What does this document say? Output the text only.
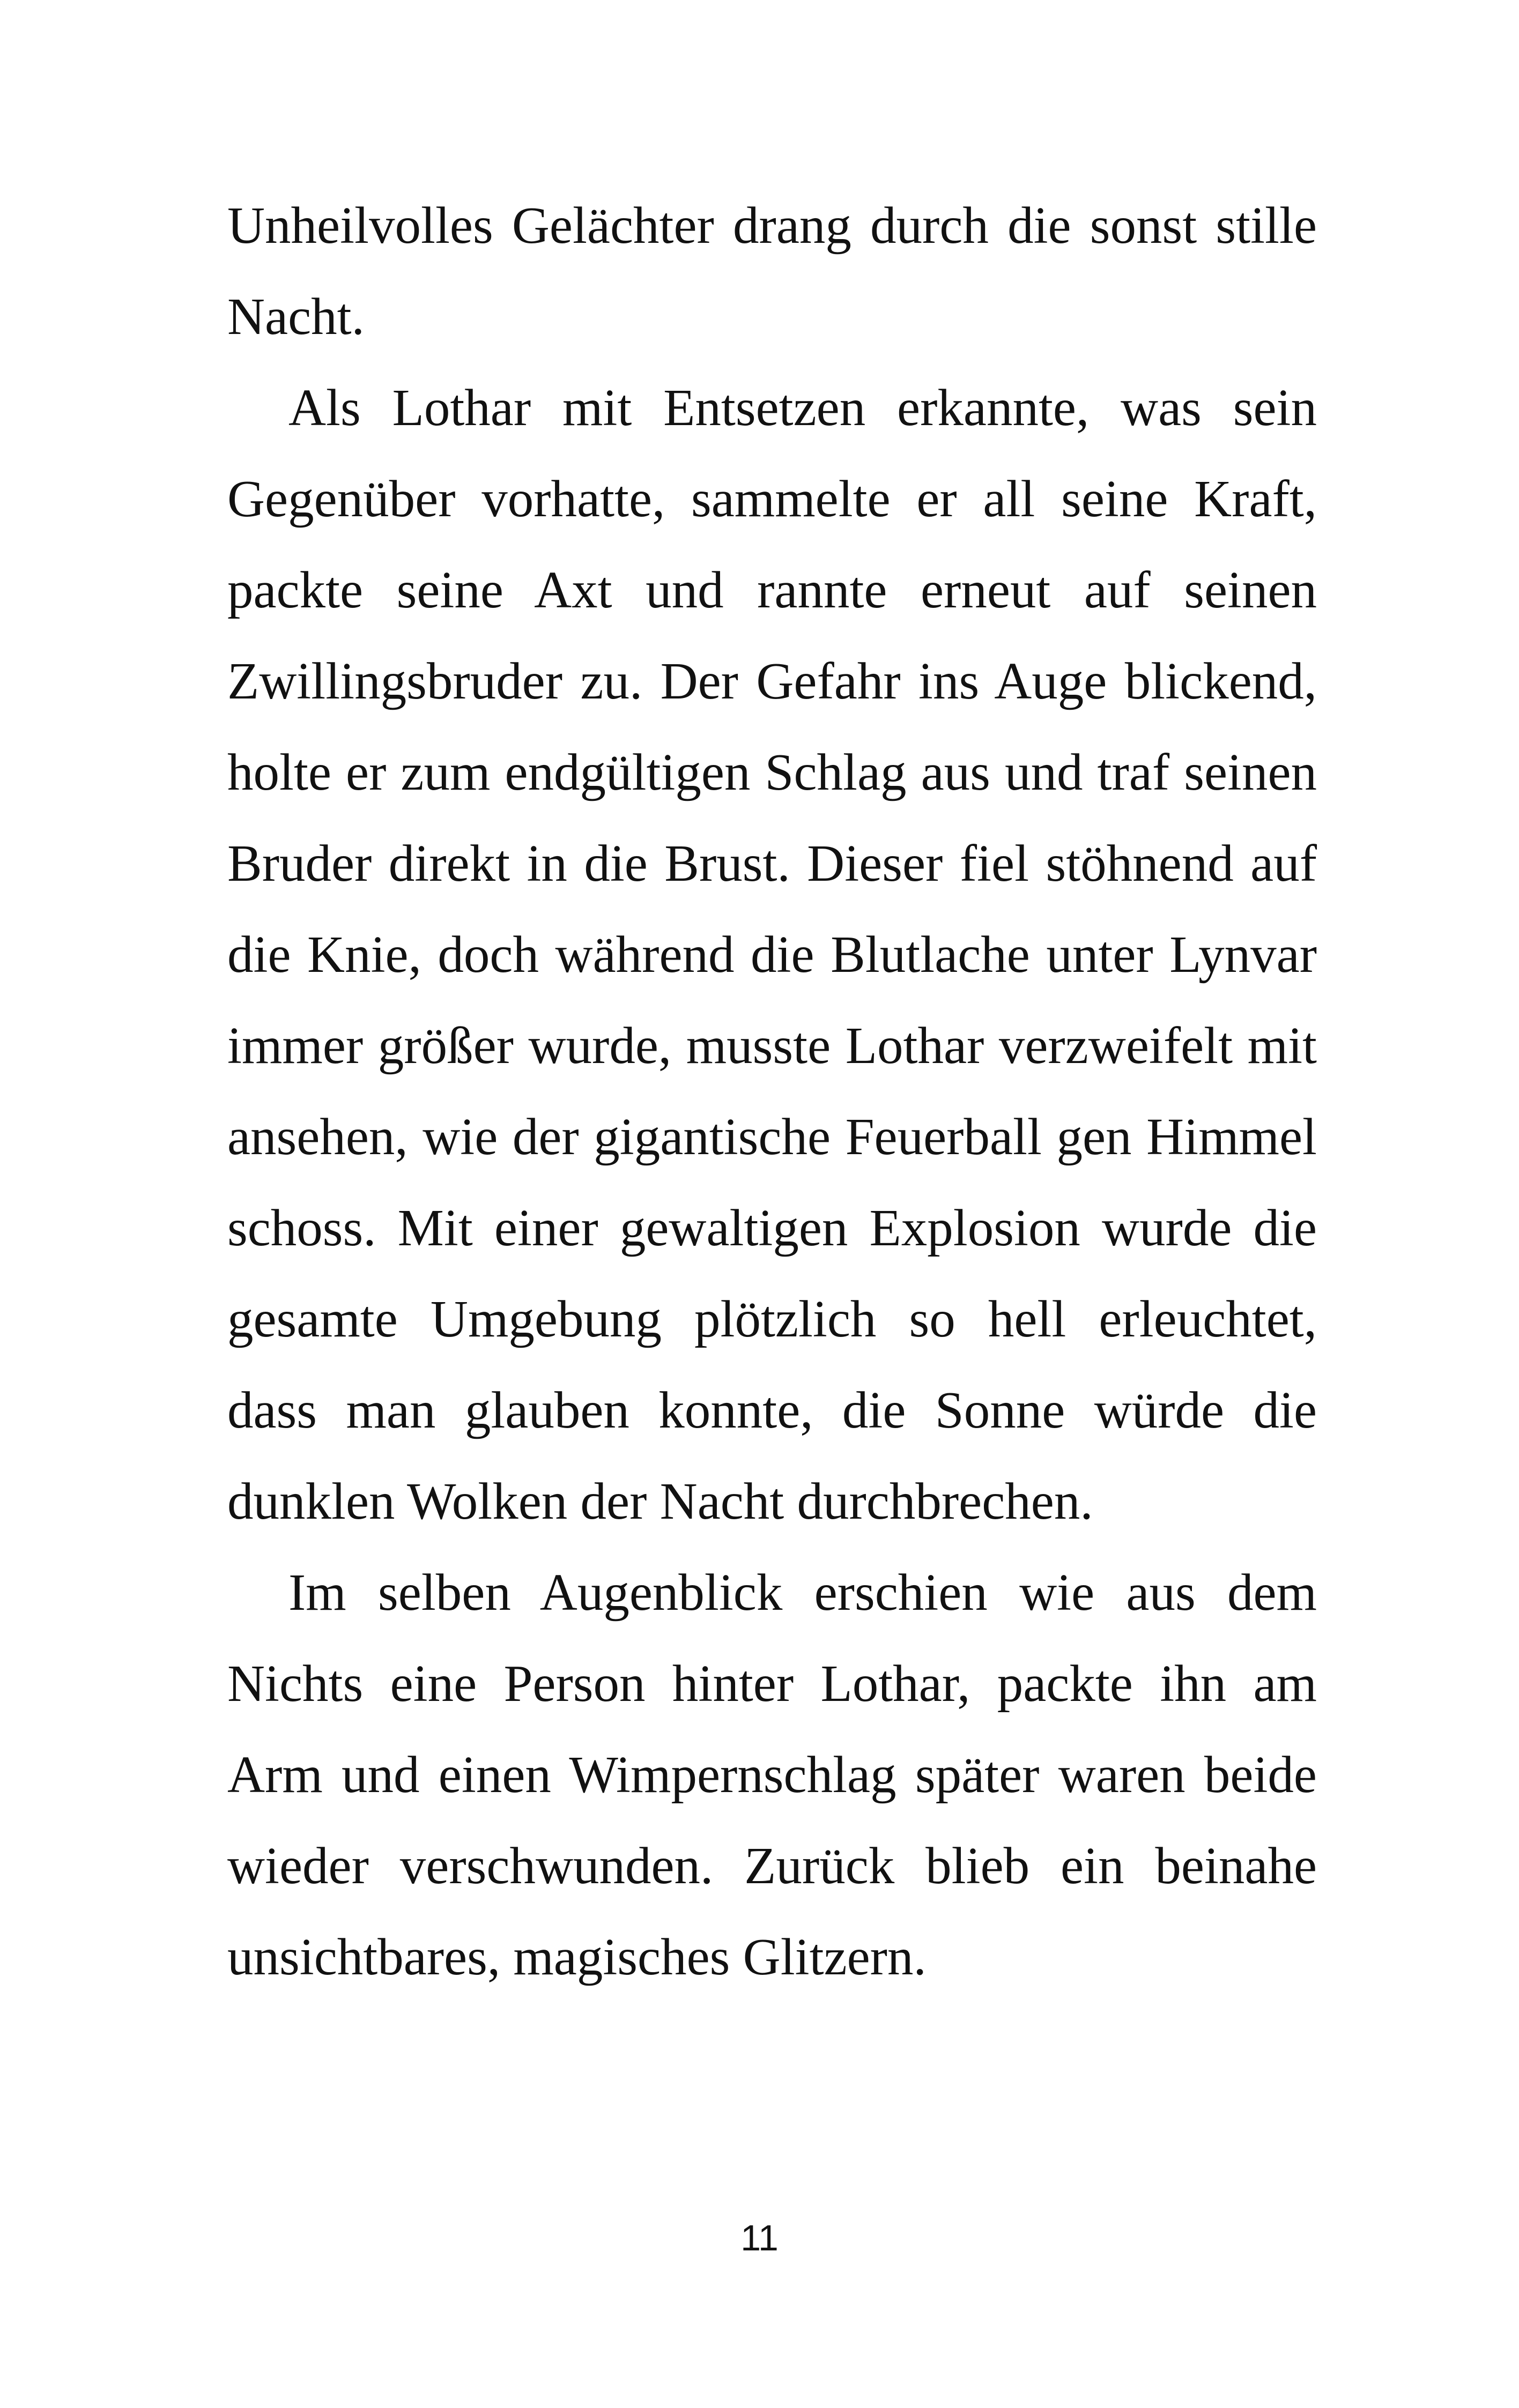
Unheilvolles Gelächter drang durch die sonst stille Nacht.

Als Lothar mit Entsetzen erkannte, was sein Gegenüber vorhatte, sammelte er all seine Kraft, packte seine Axt und rannte erneut auf seinen Zwillingsbruder zu. Der Gefahr ins Auge blickend, holte er zum endgültigen Schlag aus und traf seinen Bruder direkt in die Brust. Dieser fiel stöhnend auf die Knie, doch während die Blutlache unter Lynvar immer größer wurde, musste Lothar verzweifelt mit ansehen, wie der gigantische Feuerball gen Himmel schoss. Mit einer gewaltigen Explosion wurde die gesamte Umgebung plötzlich so hell erleuchtet, dass man glauben konnte, die Sonne würde die dunklen Wolken der Nacht durchbrechen.

Im selben Augenblick erschien wie aus dem Nichts eine Person hinter Lothar, packte ihn am Arm und einen Wimpernschlag später waren beide wieder verschwunden. Zurück blieb ein beinahe unsichtbares, magisches Glitzern.

11
